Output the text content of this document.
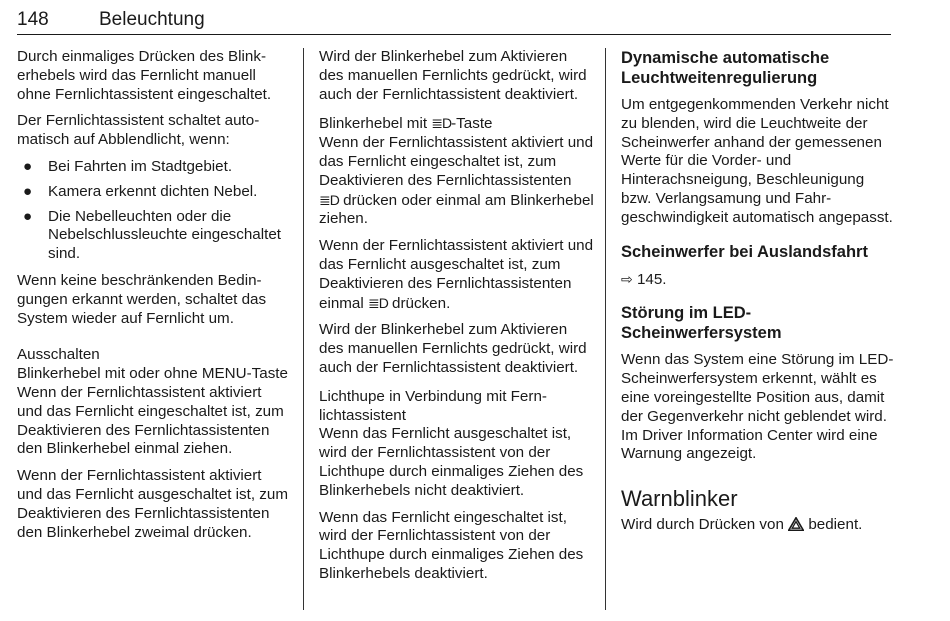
148	Beleuchtung

Durch einmaliges Drücken des Blinkerhebels wird das Fernlicht manuell ohne Fernlichtassistent eingeschaltet.

Der Fernlichtassistent schaltet automatisch auf Abblendlicht, wenn:

● Bei Fahrten im Stadtgebiet.
● Kamera erkennt dichten Nebel.
● Die Nebelleuchten oder die Nebelschlussleuchte eingeschaltet sind.

Wenn keine beschränkenden Bedingungen erkannt werden, schaltet das System wieder auf Fernlicht um.

Ausschalten

Blinkerhebel mit oder ohne MENU-Taste

Wenn der Fernlichtassistent aktiviert und das Fernlicht eingeschaltet ist, zum Deaktivieren des Fernlichtassistenten den Blinkerhebel einmal ziehen.

Wenn der Fernlichtassistent aktiviert und das Fernlicht ausgeschaltet ist, zum Deaktivieren des Fernlichtassistenten den Blinkerhebel zweimal drücken.

Wird der Blinkerhebel zum Aktivieren des manuellen Fernlichts gedrückt, wird auch der Fernlichtassistent deaktiviert.

Blinkerhebel mit ≣D-Taste

Wenn der Fernlichtassistent aktiviert und das Fernlicht eingeschaltet ist, zum Deaktivieren des Fernlichtassistenten ≣D drücken oder einmal am Blinkerhebel ziehen.

Wenn der Fernlichtassistent aktiviert und das Fernlicht ausgeschaltet ist, zum Deaktivieren des Fernlichtassistenten einmal ≣D drücken.

Wird der Blinkerhebel zum Aktivieren des manuellen Fernlichts gedrückt, wird auch der Fernlichtassistent deaktiviert.

Lichthupe in Verbindung mit Fernlichtassistent

Wenn das Fernlicht ausgeschaltet ist, wird der Fernlichtassistent von der Lichthupe durch einmaliges Ziehen des Blinkerhebels nicht deaktiviert.

Wenn das Fernlicht eingeschaltet ist, wird der Fernlichtassistent von der Lichthupe durch einmaliges Ziehen des Blinkerhebels deaktiviert.

Dynamische automatische Leuchtweitenregulierung

Um entgegenkommenden Verkehr nicht zu blenden, wird die Leuchtweite der Scheinwerfer anhand der gemessenen Werte für die Vorder- und Hinterachsneigung, Beschleunigung bzw. Verlangsamung und Fahrgeschwindigkeit automatisch angepasst.

Scheinwerfer bei Auslandsfahrt

⇨ 145.

Störung im LED-Scheinwerfersystem

Wenn das System eine Störung im LED-Scheinwerfersystem erkennt, wählt es eine voreingestellte Position aus, damit der Gegenverkehr nicht geblendet wird. Im Driver Information Center wird eine Warnung angezeigt.

Warnblinker

Wird durch Drücken von  bedient.
